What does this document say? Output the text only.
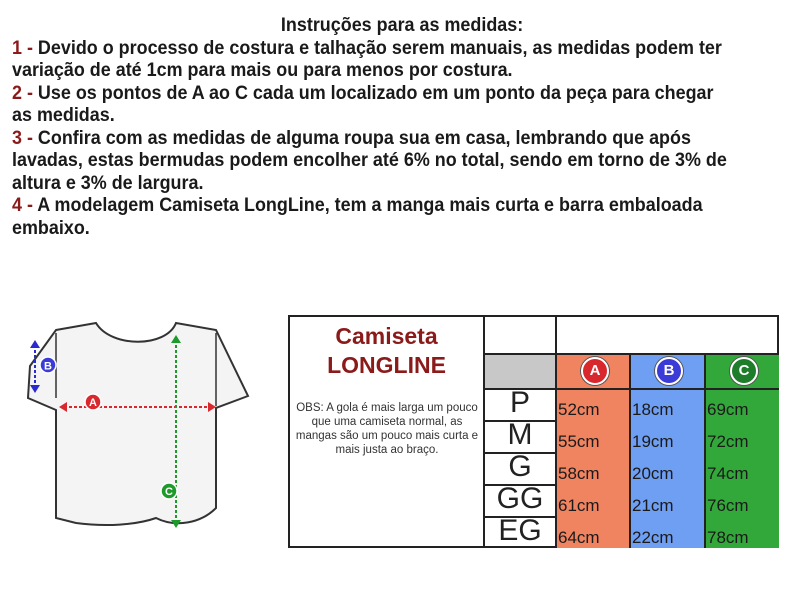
Instruções para as medidas:
1 - Devido o processo de costura e talhação serem manuais, as medidas podem ter variação de até 1cm para mais ou para menos por costura.
2 - Use os pontos de A ao C cada um localizado em um ponto da peça para chegar as medidas.
3 - Confira com as medidas de alguma roupa sua em casa, lembrando que após lavadas, estas bermudas podem encolher até 6% no total, sendo em torno de 3% de altura e 3% de largura.
4 - A modelagem Camiseta LongLine, tem a manga mais curta e barra embaloada embaixo.
B
A
C
Camiseta
LONGLINE
OBS: A gola é mais larga um pouco que uma camiseta normal, as mangas são um pouco mais curta e mais justa ao braço.
A	B	C
P	52cm 18cm 69cm
M	55cm 19cm 72cm
G	58cm 20cm 74cm
GG 61cm 21cm 76cm
EG 64cm 22cm 78cm
